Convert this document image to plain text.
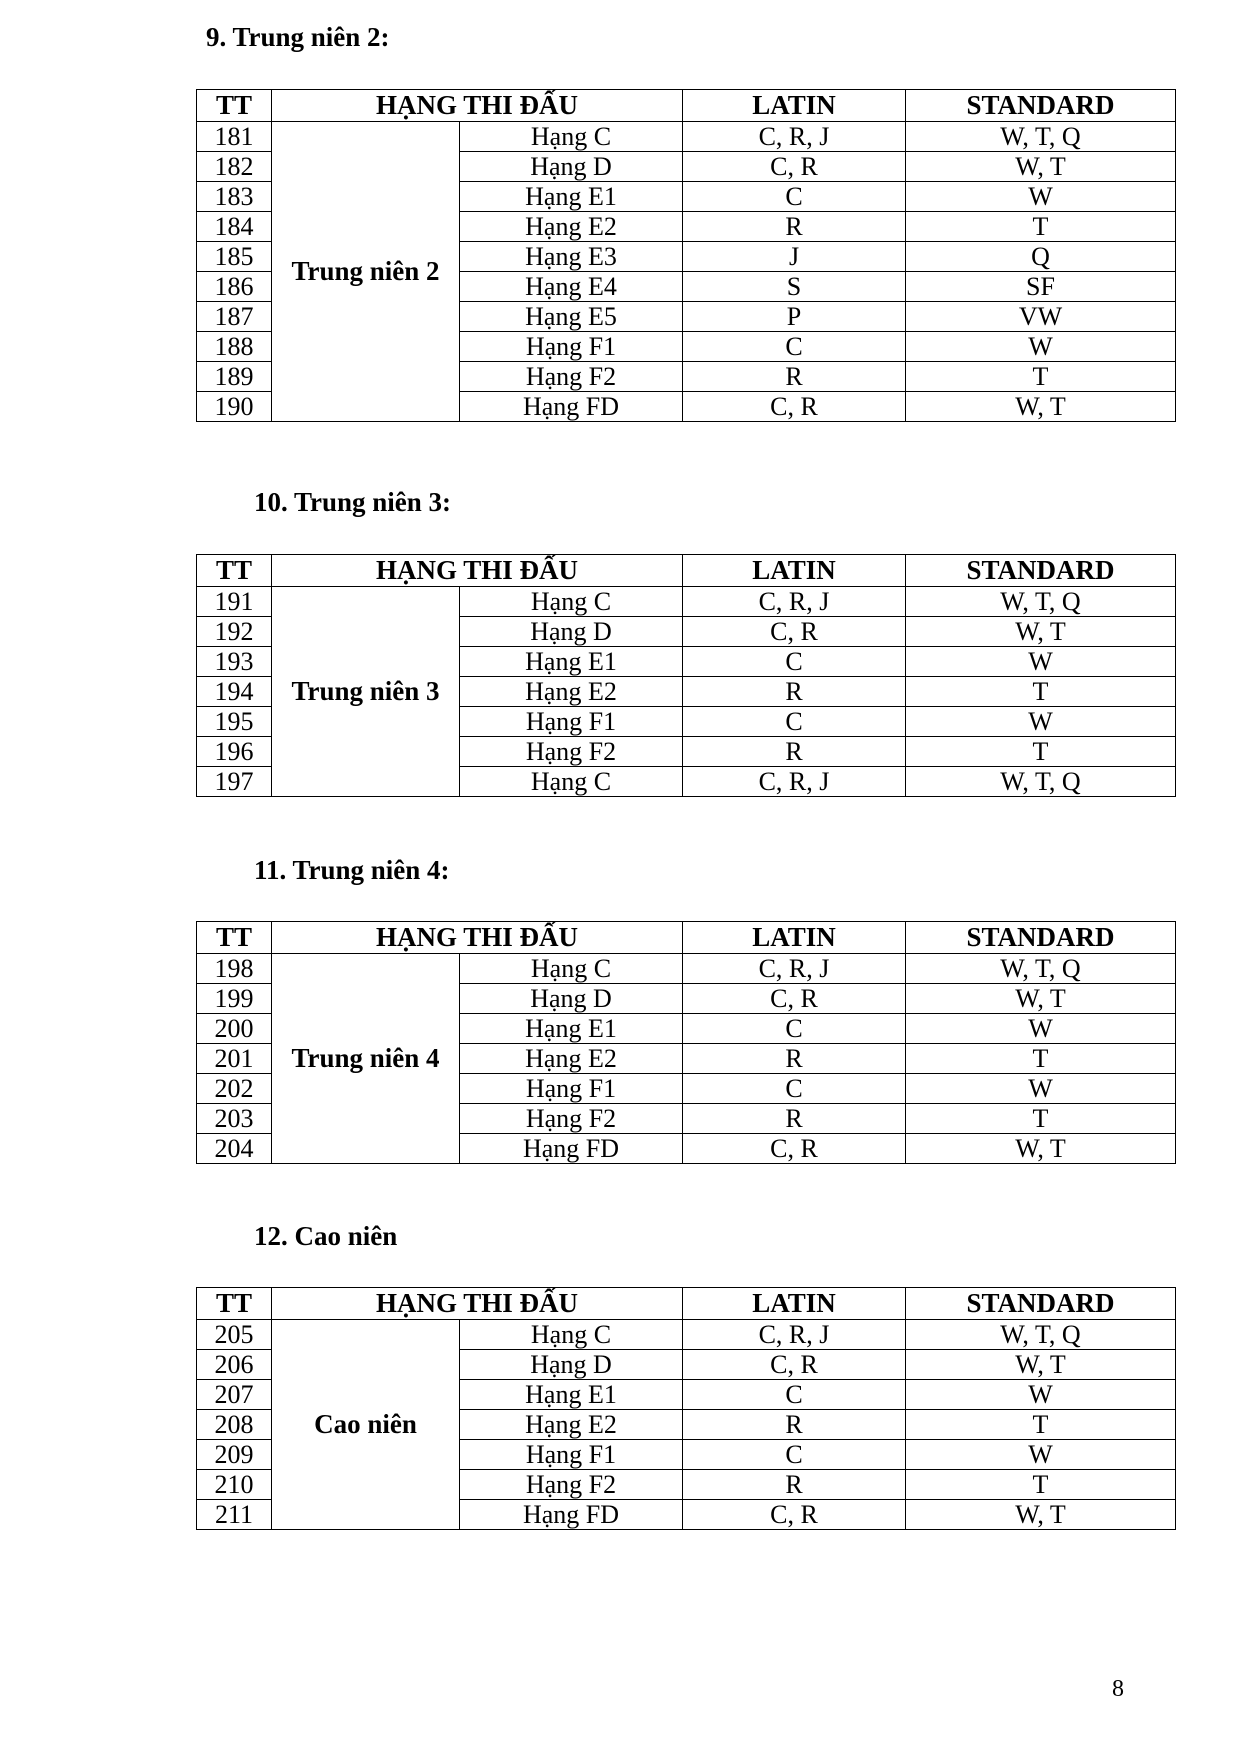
9. Trung niên 2:
TT	HẠNG THI ĐẤU		LATIN	STANDARD
181	Trung niên 2	Hạng C	C, R, J	W, T, Q
182		Hạng D	C, R	W, T
183		Hạng E1	C	W
184		Hạng E2	R	T
185		Hạng E3	J	Q
186		Hạng E4	S	SF
187		Hạng E5	P	VW
188		Hạng F1	C	W
189		Hạng F2	R	T
190		Hạng FD	C, R	W, T
10. Trung niên 3:
TT	HẠNG THI ĐẤU		LATIN	STANDARD
191	Trung niên 3	Hạng C	C, R, J	W, T, Q
192		Hạng D	C, R	W, T
193		Hạng E1	C	W
194		Hạng E2	R	T
195		Hạng F1	C	W
196		Hạng F2	R	T
197		Hạng C	C, R, J	W, T, Q
11. Trung niên 4:
TT	HẠNG THI ĐẤU		LATIN	STANDARD
198	Trung niên 4	Hạng C	C, R, J	W, T, Q
199		Hạng D	C, R	W, T
200		Hạng E1	C	W
201		Hạng E2	R	T
202		Hạng F1	C	W
203		Hạng F2	R	T
204		Hạng FD	C, R	W, T
12. Cao niên
TT	HẠNG THI ĐẤU		LATIN	STANDARD
205	Cao niên	Hạng C	C, R, J	W, T, Q
206		Hạng D	C, R	W, T
207		Hạng E1	C	W
208		Hạng E2	R	T
209		Hạng F1	C	W
210		Hạng F2	R	T
211		Hạng FD	C, R	W, T
8
